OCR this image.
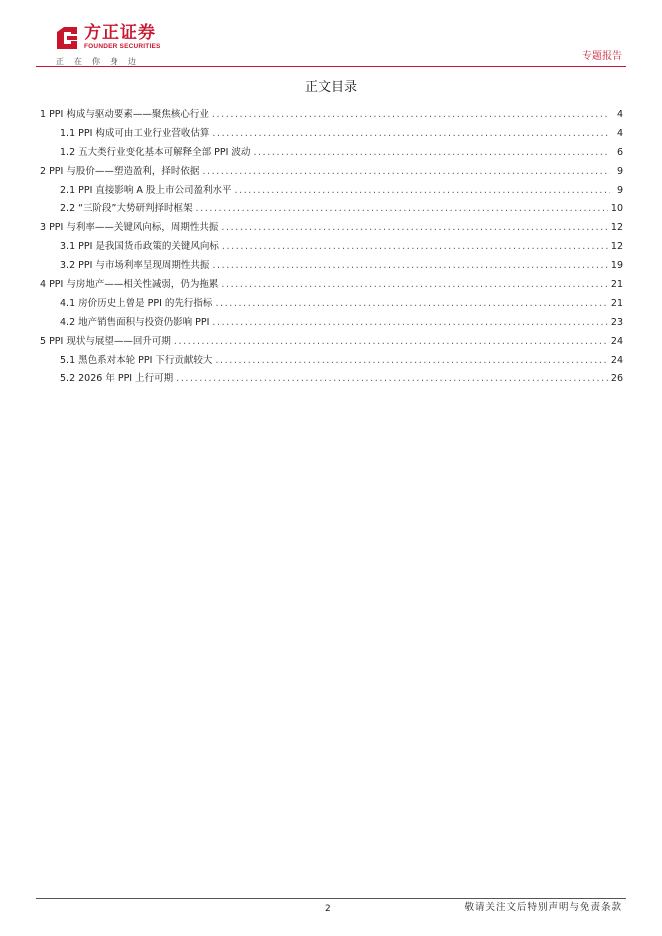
方正证券
FOUNDER SECURITIES
正在你身边	专题报告
正文目录
1 PPI 构成与驱动要素——聚焦核心行业 .....	4
1.1 PPI 构成可由工业行业营收估算 .....	4
1.2 五大类行业变化基本可解释全部 PPI 波动 .....	6
2 PPI 与股价——塑造盈利，择时依据 .....	9
2.1 PPI 直接影响 A 股上市公司盈利水平 .....	9
2.2 “三阶段”大势研判择时框架 .....	10
3 PPI 与利率——关键风向标，周期性共振 .....	12
3.1 PPI 是我国货币政策的关键风向标 .....	12
3.2 PPI 与市场利率呈现周期性共振 .....	19
4 PPI 与房地产——相关性减弱，仍为拖累 .....	21
4.1 房价历史上曾是 PPI 的先行指标 .....	21
4.2 地产销售面积与投资仍影响 PPI .....	23
5 PPI 现状与展望——回升可期 .....	24
5.1 黑色系对本轮 PPI 下行贡献较大 .....	24
5.2 2026 年 PPI 上行可期 .....	26
2	敬请关注文后特别声明与免责条款
